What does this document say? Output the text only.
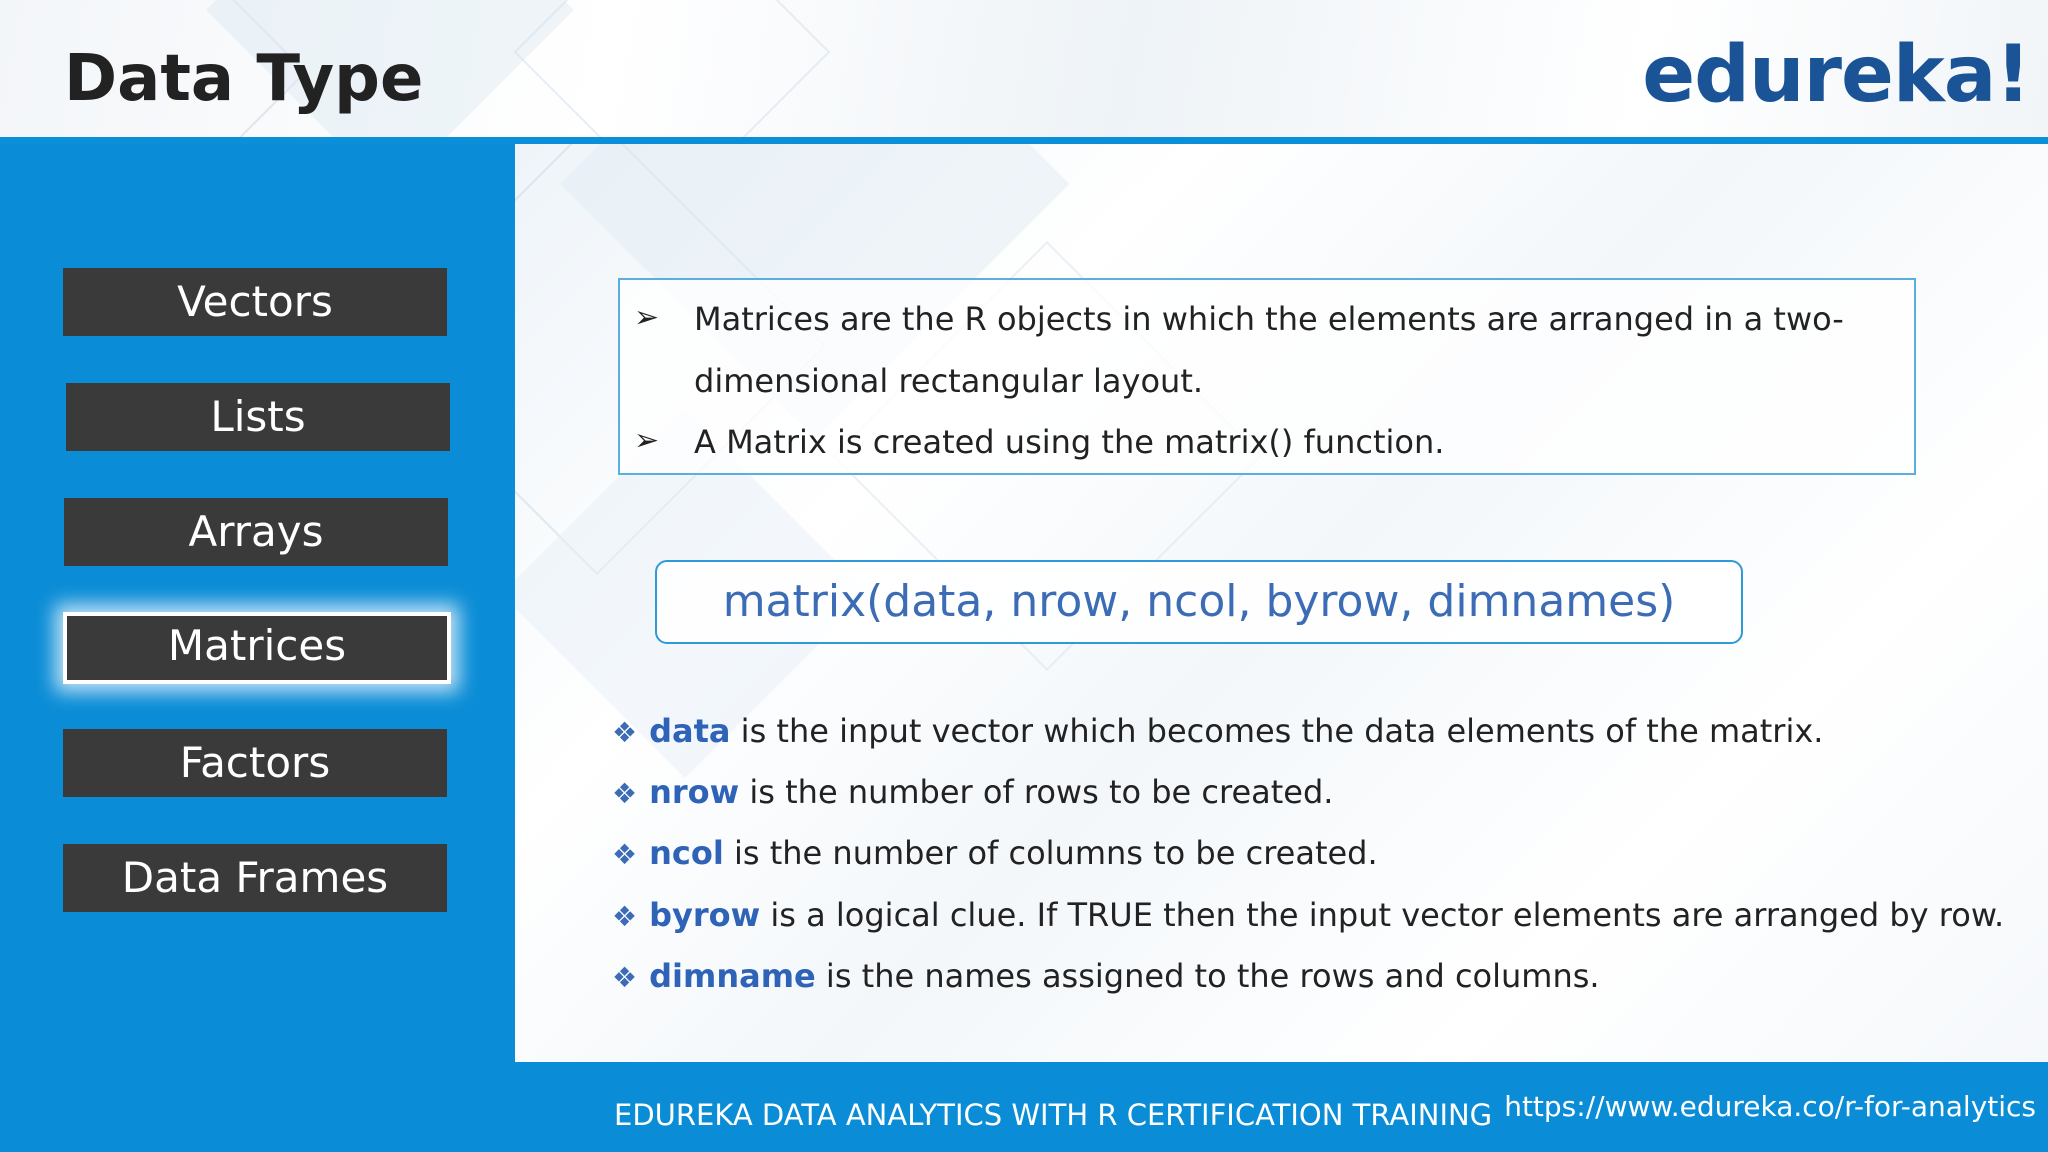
Data Type	edureka!
Vectors
Lists
Arrays
Matrices
Factors
Data Frames
➢ Matrices are the R objects in which the elements are arranged in a two-
dimensional rectangular layout.
➢ A Matrix is created using the matrix() function.
matrix(data, nrow, ncol, byrow, dimnames)
❖ data is the input vector which becomes the data elements of the matrix.
❖ nrow is the number of rows to be created.
❖ ncol is the number of columns to be created.
❖ byrow is a logical clue. If TRUE then the input vector elements are arranged by row.
❖ dimname is the names assigned to the rows and columns.
EDUREKA DATA ANALYTICS WITH R CERTIFICATION TRAINING https://www.edureka.co/r-for-analytics
